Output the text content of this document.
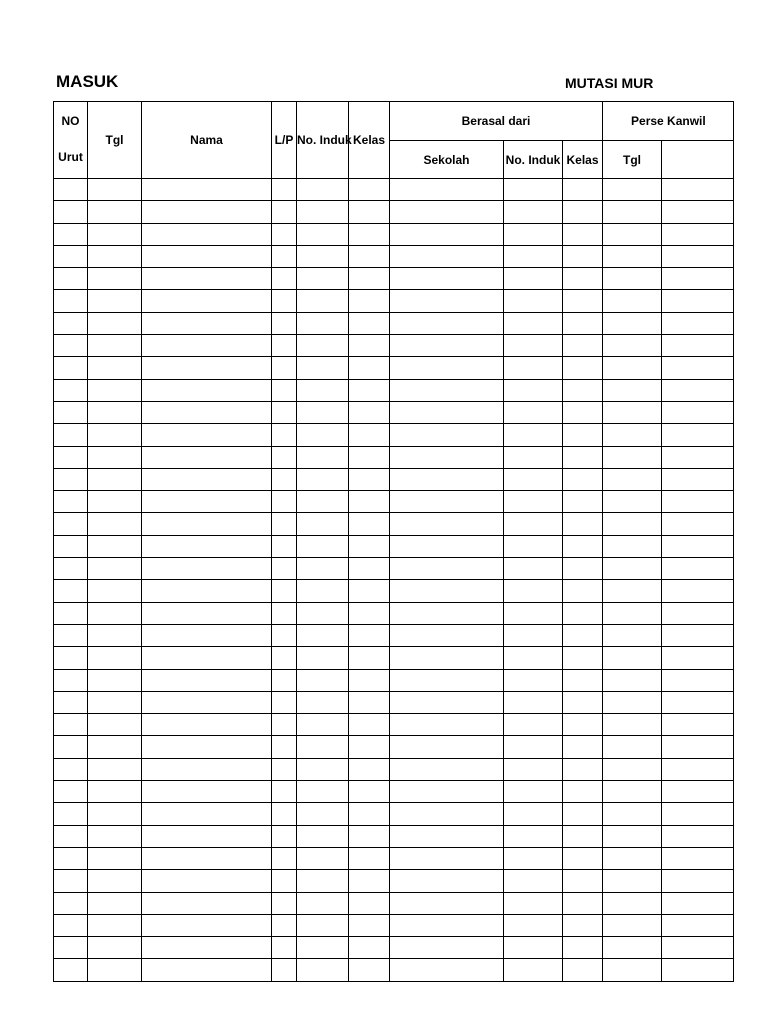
MASUK	MUTASI MUR
NO
Urut	Tgl	Nama	L/P	No. Induk	Kelas	Berasal dari			Perse Kanwil	
						Sekolah	No. Induk	Kelas	Tgl	
